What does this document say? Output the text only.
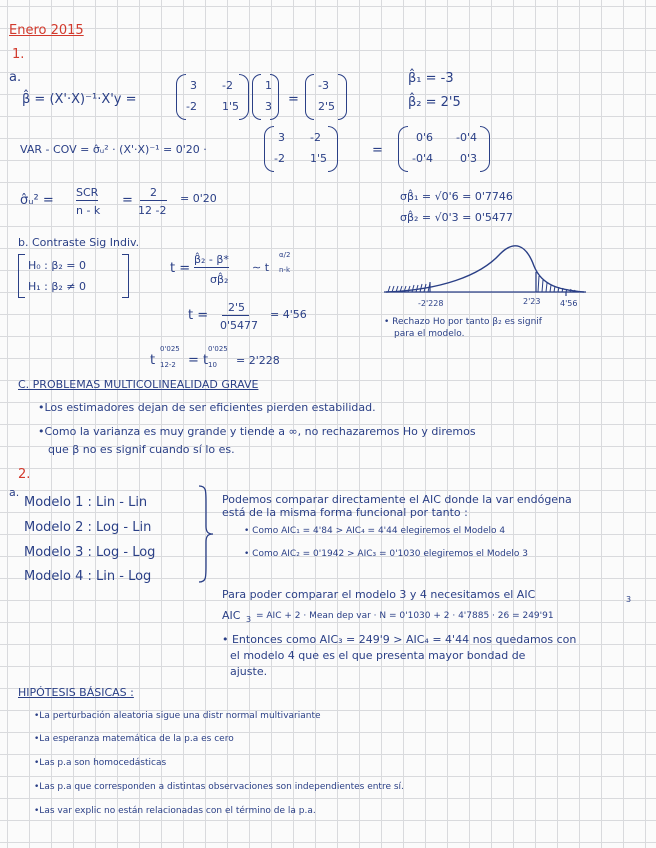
Enero 2015
1.
a.
β̂ = (X'·X)⁻¹·X'y =
3 -2
-2 1'5
1
3 =
-3
2'5
β̂₁ = -3
β̂₂ = 2'5
VAR - COV = σ̂ᵤ² · (X'·X)⁻¹ = 0'20 ·
3 -2
-2 1'5
=
0'6 -0'4
-0'4 0'3
σ̂ᵤ² =
SCR
n - k
=
2
12 -2
= 0'20	σβ̂₁ = √0'6 = 0'7746
σβ̂₂ = √0'3 = 0'5477
b. Contraste Sig Indiv.
H₀ : β₂ = 0
H₁ : β₂ ≠ 0
t =
β̂₂ - β*
σβ̂₂
∼ t
α/2
n-k
t =
2'5
0'5477
= 4'56
t
0'025
12-2 = t
0'025
10 = 2'228
-2'228	2'23 4'56
• Rechazo Ho por tanto β₂ es signif
para el modelo.
C. PROBLEMAS MULTICOLINEALIDAD GRAVE
•Los estimadores dejan de ser eficientes pierden estabilidad.
•Como la varianza es muy grande y tiende a ∞, no rechazaremos Ho y diremos
que β no es signif cuando sí lo es.
2.
a.
Modelo 1 : Lin - Lin
Modelo 2 : Log - Lin
Modelo 3 : Log - Log
Modelo 4 : Lin - Log
Podemos comparar directamente el AIC donde la var endógena
está de la misma forma funcional por tanto :
• Como AIC₁ = 4'84 > AIC₄ = 4'44 elegiremos el Modelo 4
• Como AIC₂ = 0'1942 > AIC₃ = 0'1030 elegiremos el Modelo 3
Para poder comparar el modelo 3 y 4 necesitamos el AIC	3
AIC 3 = AIC + 2 · Mean dep var · N = 0'1030 + 2 · 4'7885 · 26 = 249'91
• Entonces como AIC₃ = 249'9 > AIC₄ = 4'44 nos quedamos con
el modelo 4 que es el que presenta mayor bondad de
ajuste.
HIPÓTESIS BÁSICAS :
•La perturbación aleatoria sigue una distr normal multivariante
•La esperanza matemática de la p.a es cero
•Las p.a son homocedásticas
•Las p.a que corresponden a distintas observaciones son independientes entre sí.
•Las var explic no están relacionadas con el término de la p.a.
